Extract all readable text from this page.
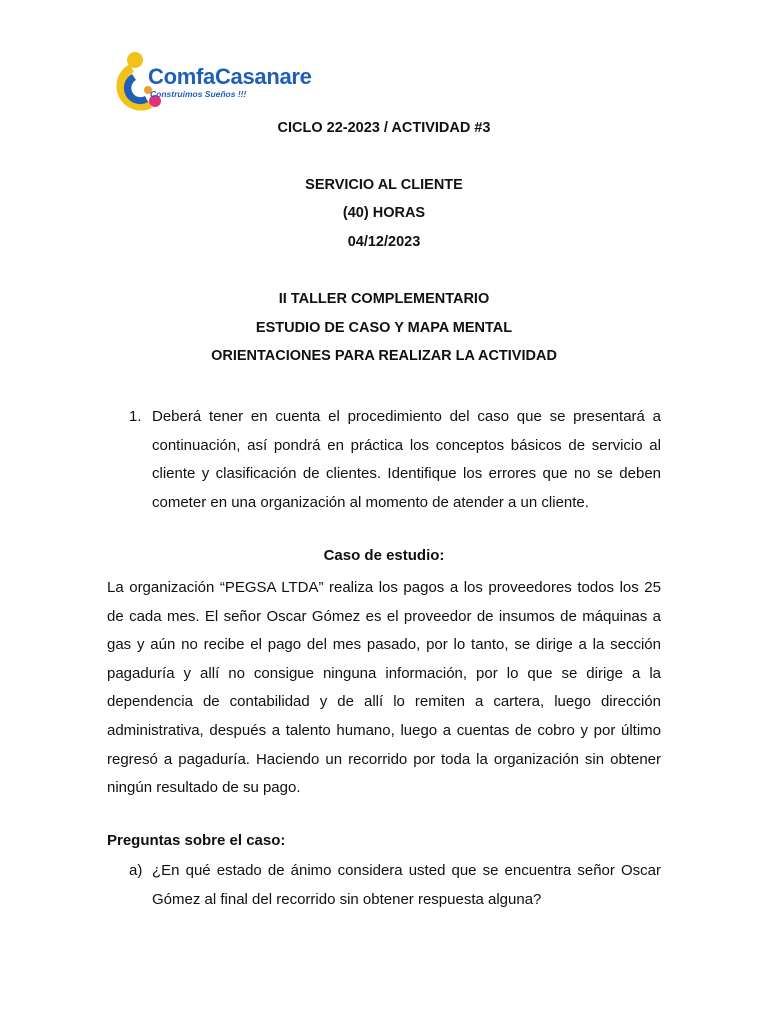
ComfaCasanare
Construimos Sueños !!!
CICLO 22-2023 / ACTIVIDAD #3
SERVICIO AL CLIENTE
(40) HORAS
04/12/2023
II TALLER COMPLEMENTARIO
ESTUDIO DE CASO Y MAPA MENTAL
ORIENTACIONES PARA REALIZAR LA ACTIVIDAD
1. Deberá tener en cuenta el procedimiento del caso que se presentará a continuación, así pondrá en práctica los conceptos básicos de servicio al cliente y clasificación de clientes. Identifique los errores que no se deben cometer en una organización al momento de atender a un cliente.

Caso de estudio:

La organización “PEGSA LTDA” realiza los pagos a los proveedores todos los 25 de cada mes. El señor Oscar Gómez es el proveedor de insumos de máquinas a gas y aún no recibe el pago del mes pasado, por lo tanto, se dirige a la sección pagaduría y allí no consigue ninguna información, por lo que se dirige a la dependencia de contabilidad y de allí lo remiten a cartera, luego dirección administrativa, después a talento humano, luego a cuentas de cobro y por último regresó a pagaduría. Haciendo un recorrido por toda la organización sin obtener ningún resultado de su pago.

Preguntas sobre el caso:
a) ¿En qué estado de ánimo considera usted que se encuentra señor Oscar Gómez al final del recorrido sin obtener respuesta alguna?
